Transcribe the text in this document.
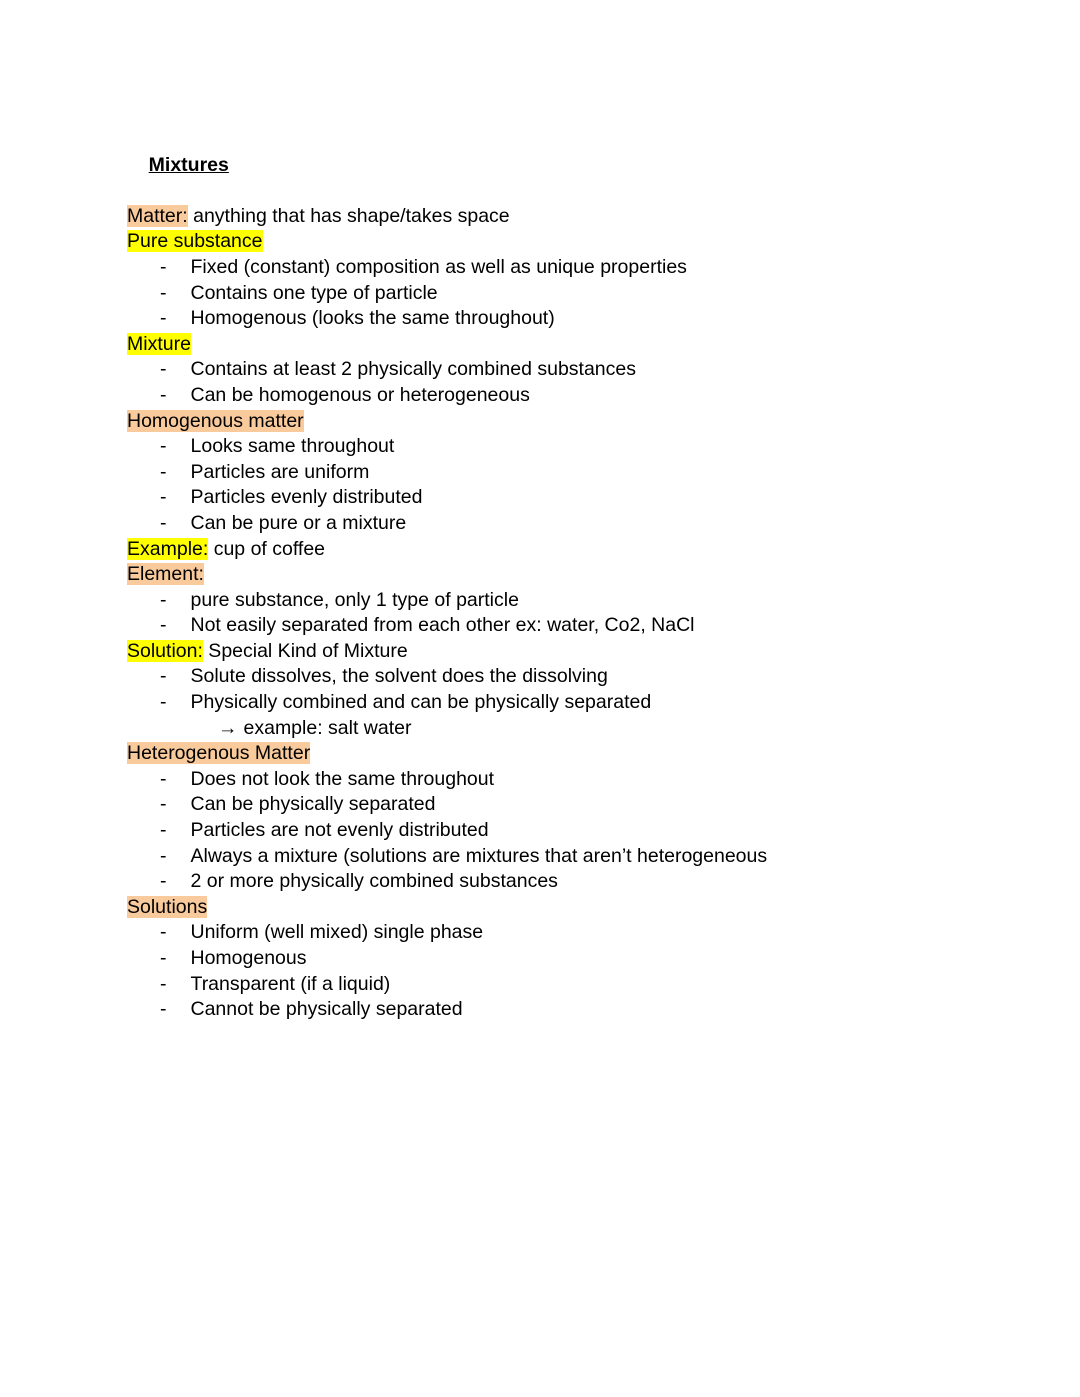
Mixtures

Matter: anything that has shape/takes space
Pure substance
- Fixed (constant) composition as well as unique properties
- Contains one type of particle
- Homogenous (looks the same throughout)
Mixture
- Contains at least 2 physically combined substances
- Can be homogenous or heterogeneous
Homogenous matter
- Looks same throughout
- Particles are uniform
- Particles evenly distributed
- Can be pure or a mixture
Example: cup of coffee
Element:
- pure substance, only 1 type of particle
- Not easily separated from each other ex: water, Co2, NaCl
Solution: Special Kind of Mixture
- Solute dissolves, the solvent does the dissolving
- Physically combined and can be physically separated
→ example: salt water
Heterogenous Matter
- Does not look the same throughout
- Can be physically separated
- Particles are not evenly distributed
- Always a mixture (solutions are mixtures that aren’t heterogeneous
- 2 or more physically combined substances
Solutions
- Uniform (well mixed) single phase
- Homogenous
- Transparent (if a liquid)
- Cannot be physically separated
